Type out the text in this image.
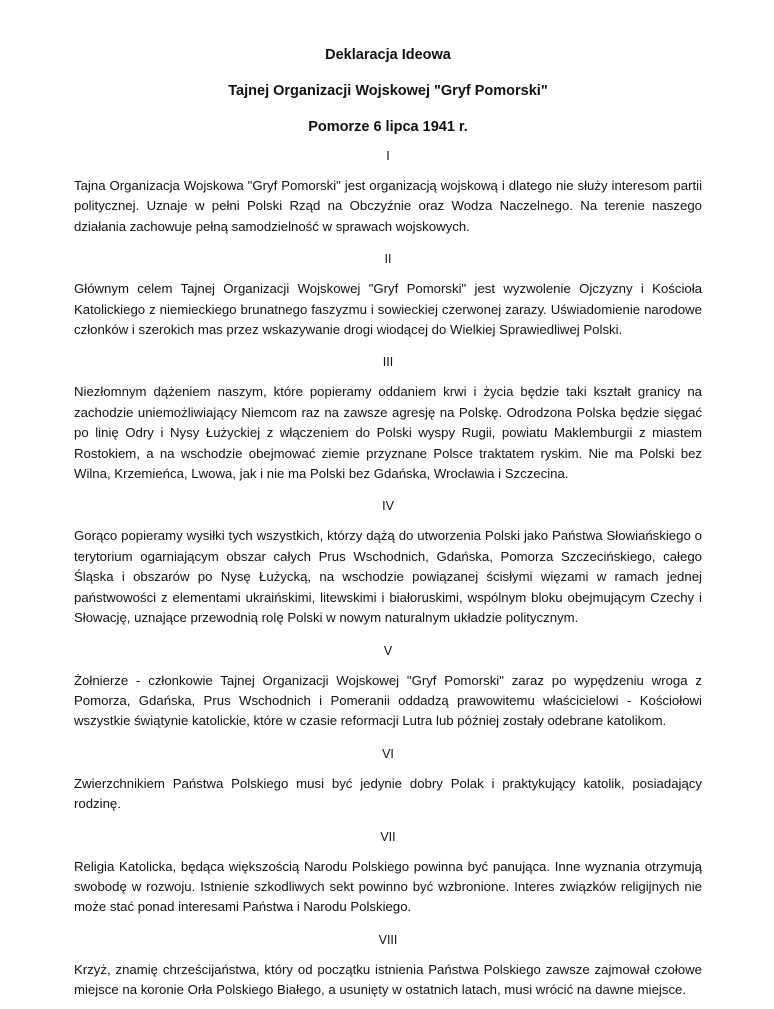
Deklaracja Ideowa
Tajnej Organizacji Wojskowej "Gryf Pomorski"
Pomorze 6 lipca 1941 r.
I

Tajna Organizacja Wojskowa "Gryf Pomorski" jest organizacją wojskową i dlatego nie służy interesom partii politycznej. Uznaje w pełni Polski Rząd na Obczyźnie oraz Wodza Naczelnego. Na terenie naszego działania zachowuje pełną samodzielność w sprawach wojskowych.

II

Głównym celem Tajnej Organizacji Wojskowej "Gryf Pomorski" jest wyzwolenie Ojczyzny i Kościoła Katolickiego z niemieckiego brunatnego faszyzmu i sowieckiej czerwonej zarazy. Uświadomienie narodowe członków i szerokich mas przez wskazywanie drogi wiodącej do Wielkiej Sprawiedliwej Polski.

III

Niezłomnym dążeniem naszym, które popieramy oddaniem krwi i życia będzie taki kształt granicy na zachodzie uniemożliwiający Niemcom raz na zawsze agresję na Polskę. Odrodzona Polska będzie sięgać po linię Odry i Nysy Łużyckiej z włączeniem do Polski wyspy Rugii, powiatu Maklemburgii z miastem Rostokiem, a na wschodzie obejmować ziemie przyznane Polsce traktatem ryskim. Nie ma Polski bez Wilna, Krzemieńca, Lwowa, jak i nie ma Polski bez Gdańska, Wrocławia i Szczecina.

IV

Gorąco popieramy wysiłki tych wszystkich, którzy dążą do utworzenia Polski jako Państwa Słowiańskiego o terytorium ogarniającym obszar całych Prus Wschodnich, Gdańska, Pomorza Szczecińskiego, całego Śląska i obszarów po Nysę Łużycką, na wschodzie powiązanej ścisłymi więzami w ramach jednej państwowości z elementami ukraińskimi, litewskimi i białoruskimi, wspólnym bloku obejmującym Czechy i Słowację, uznające przewodnią rolę Polski w nowym naturalnym układzie politycznym.

V

Żołnierze - członkowie Tajnej Organizacji Wojskowej "Gryf Pomorski" zaraz po wypędzeniu wroga z Pomorza, Gdańska, Prus Wschodnich i Pomeranii oddadzą prawowitemu właścicielowi - Kościołowi wszystkie świątynie katolickie, które w czasie reformacji Lutra lub później zostały odebrane katolikom.

VI

Zwierzchnikiem Państwa Polskiego musi być jedynie dobry Polak i praktykujący katolik, posiadający rodzinę.

VII

Religia Katolicka, będąca większością Narodu Polskiego powinna być panująca. Inne wyznania otrzymują swobodę w rozwoju. Istnienie szkodliwych sekt powinno być wzbronione. Interes związków religijnych nie może stać ponad interesami Państwa i Narodu Polskiego.

VIII

Krzyż, znamię chrześcijaństwa, który od początku istnienia Państwa Polskiego zawsze zajmował czołowe miejsce na koronie Orła Polskiego Białego, a usunięty w ostatnich latach, musi wrócić na dawne miejsce.
